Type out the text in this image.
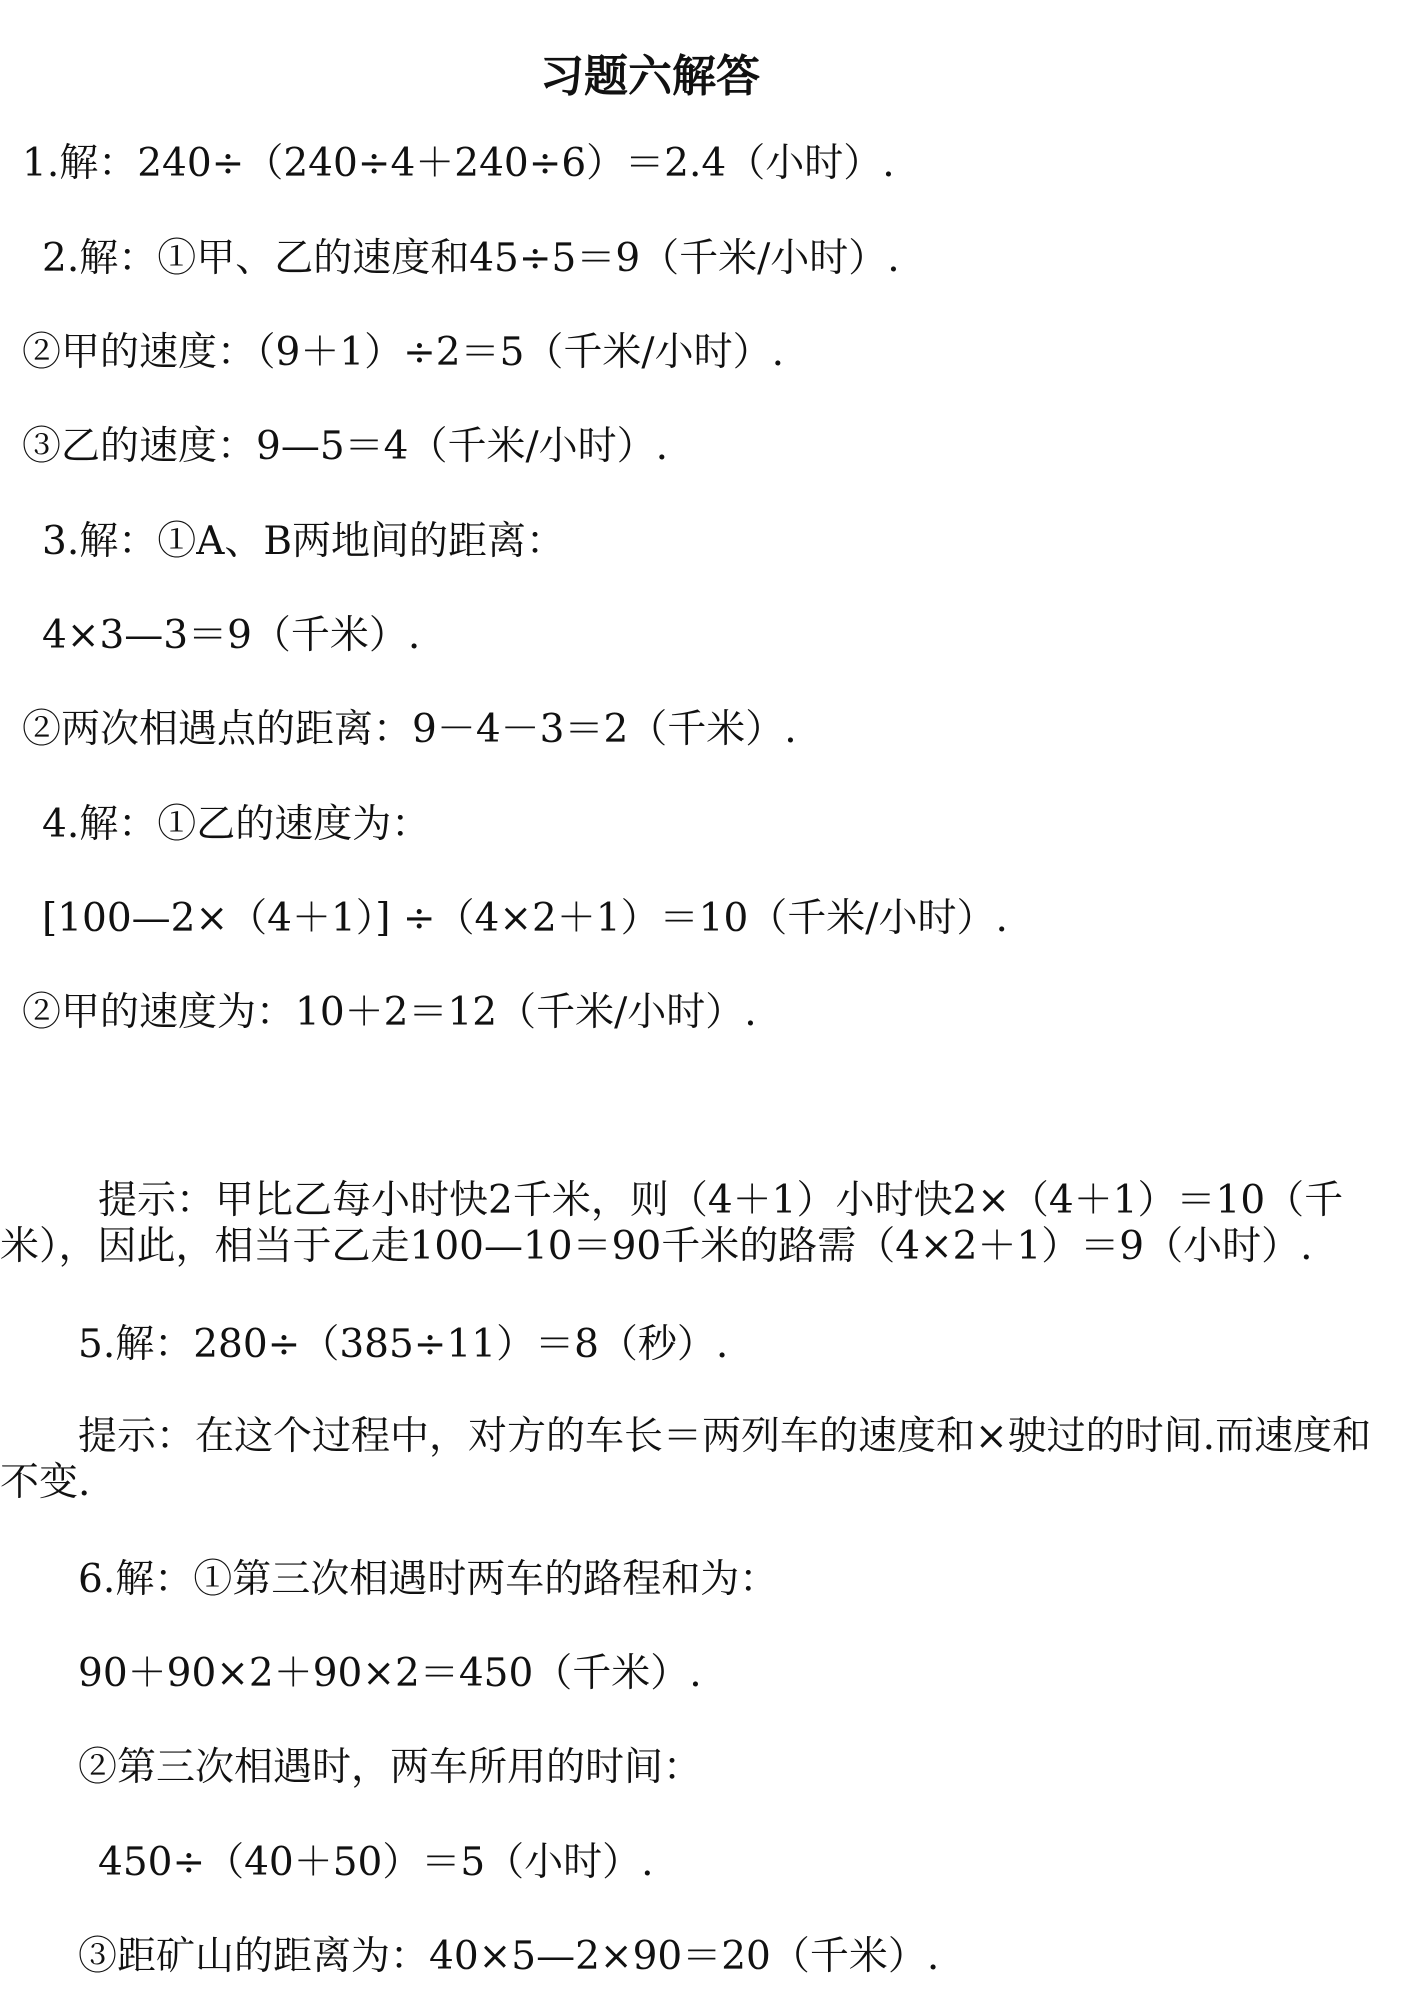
习题六解答
1.解：240÷（240÷4＋240÷6）＝2.4（小时）.
2.解：①甲、乙的速度和45÷5＝9（千米/小时）.
②甲的速度：（9＋1）÷2＝5（千米/小时）.
③乙的速度：9—5＝4（千米/小时）.
3.解：①A、B两地间的距离：
4×3—3＝9（千米）.
②两次相遇点的距离：9－4－3＝2（千米）.
4.解：①乙的速度为：
[100—2×（4＋1）] ÷（4×2＋1）＝10（千米/小时）.
②甲的速度为：10＋2＝12（千米/小时）.
提示：甲比乙每小时快2千米，则（4＋1）小时快2×（4＋1）＝10（千米），因此，相当于乙走100—10＝90千米的路需（4×2＋1）＝9（小时）.
5.解：280÷（385÷11）＝8（秒）.
提示：在这个过程中，对方的车长＝两列车的速度和×驶过的时间.而速度和不变.
6.解：①第三次相遇时两车的路程和为：
90＋90×2＋90×2＝450（千米）.
②第三次相遇时，两车所用的时间：
450÷（40＋50）＝5（小时）.
③距矿山的距离为：40×5—2×90＝20（千米）.
